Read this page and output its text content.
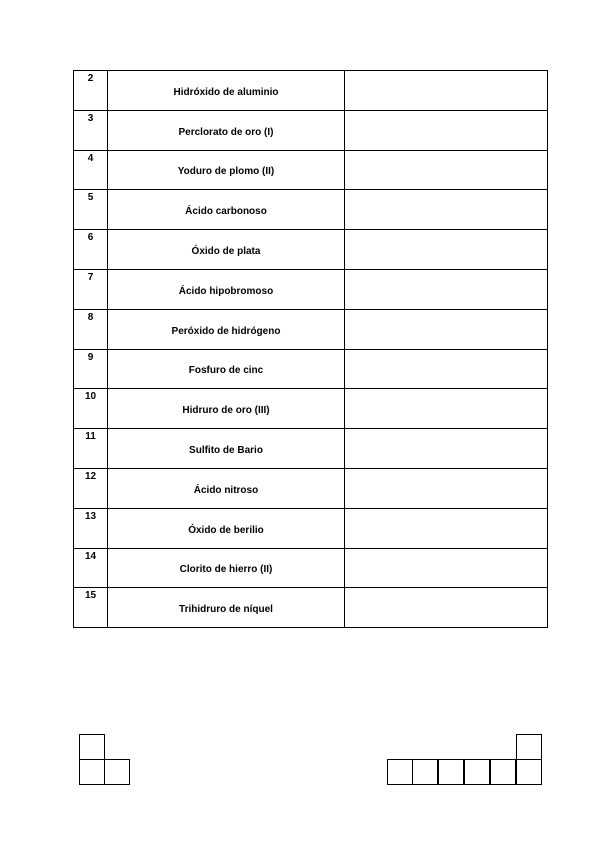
2	Hidróxido de aluminio	
3	Perclorato de oro (I)	
4	Yoduro de plomo (II)	
5	Ácido carbonoso	
6	Óxido de plata	
7	Ácido hipobromoso	
8	Peróxido de hidrógeno	
9	Fosfuro de cinc	
10	Hidruro de oro (III)	
11	Sulfito de Bario	
12	Ácido nitroso	
13	Óxido de berilio	
14	Clorito de hierro (II)	
15	Trihidruro de níquel	
